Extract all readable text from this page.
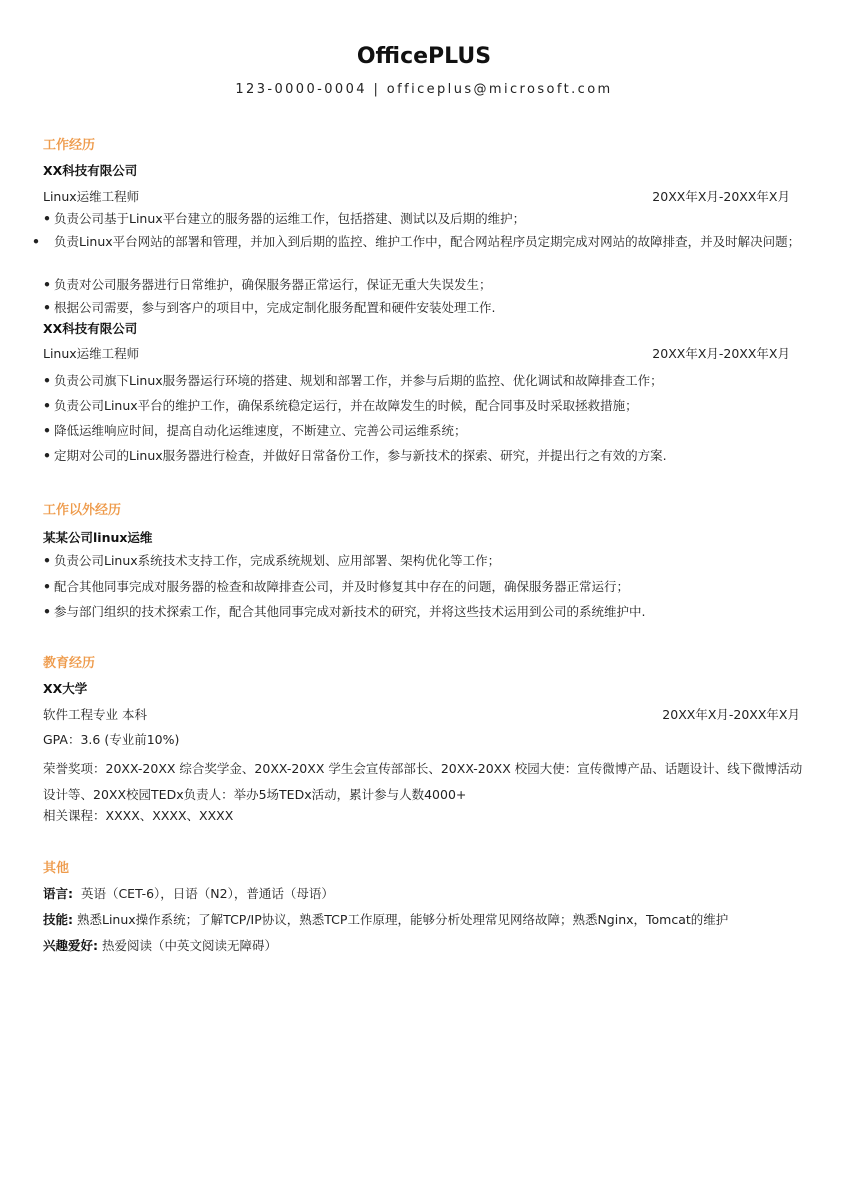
OfficePLUS
123-0000-0004 | officeplus@microsoft.com
工作经历
XX科技有限公司
Linux运维工程师	20XX年X月-20XX年X月
• 负责公司基于Linux平台建立的服务器的运维工作，包括搭建、测试以及后期的维护；
• 负责Linux平台网站的部署和管理，并加入到后期的监控、维护工作中，配合网站程序员定期完成对网站的故障排查，并及时解决问题；
• 负责对公司服务器进行日常维护，确保服务器正常运行，保证无重大失误发生；
• 根据公司需要，参与到客户的项目中，完成定制化服务配置和硬件安装处理工作.
XX科技有限公司
Linux运维工程师	20XX年X月-20XX年X月
• 负责公司旗下Linux服务器运行环境的搭建、规划和部署工作，并参与后期的监控、优化调试和故障排查工作；
• 负责公司Linux平台的维护工作，确保系统稳定运行，并在故障发生的时候，配合同事及时采取拯救措施；
• 降低运维响应时间，提高自动化运维速度，不断建立、完善公司运维系统；
• 定期对公司的Linux服务器进行检查，并做好日常备份工作，参与新技术的探索、研究，并提出行之有效的方案.
工作以外经历
某某公司linux运维
• 负责公司Linux系统技术支持工作，完成系统规划、应用部署、架构优化等工作；
• 配合其他同事完成对服务器的检查和故障排查公司，并及时修复其中存在的问题，确保服务器正常运行；
• 参与部门组织的技术探索工作，配合其他同事完成对新技术的研究，并将这些技术运用到公司的系统维护中.
教育经历
XX大学
软件工程专业 本科	20XX年X月-20XX年X月
GPA：3.6 (专业前10%)
荣誉奖项：20XX-20XX 综合奖学金、20XX-20XX 学生会宣传部部长、20XX-20XX 校园大使：宣传微博产品、话题设计、线下微博活动设计等、20XX校园TEDx负责人：举办5场TEDx活动，累计参与人数4000+
相关课程：XXXX、XXXX、XXXX
其他
语言: 英语（CET-6），日语（N2），普通话（母语）
技能: 熟悉Linux操作系统；了解TCP/IP协议，熟悉TCP工作原理，能够分析处理常见网络故障；熟悉Nginx，Tomcat的维护
兴趣爱好: 热爱阅读（中英文阅读无障碍）
